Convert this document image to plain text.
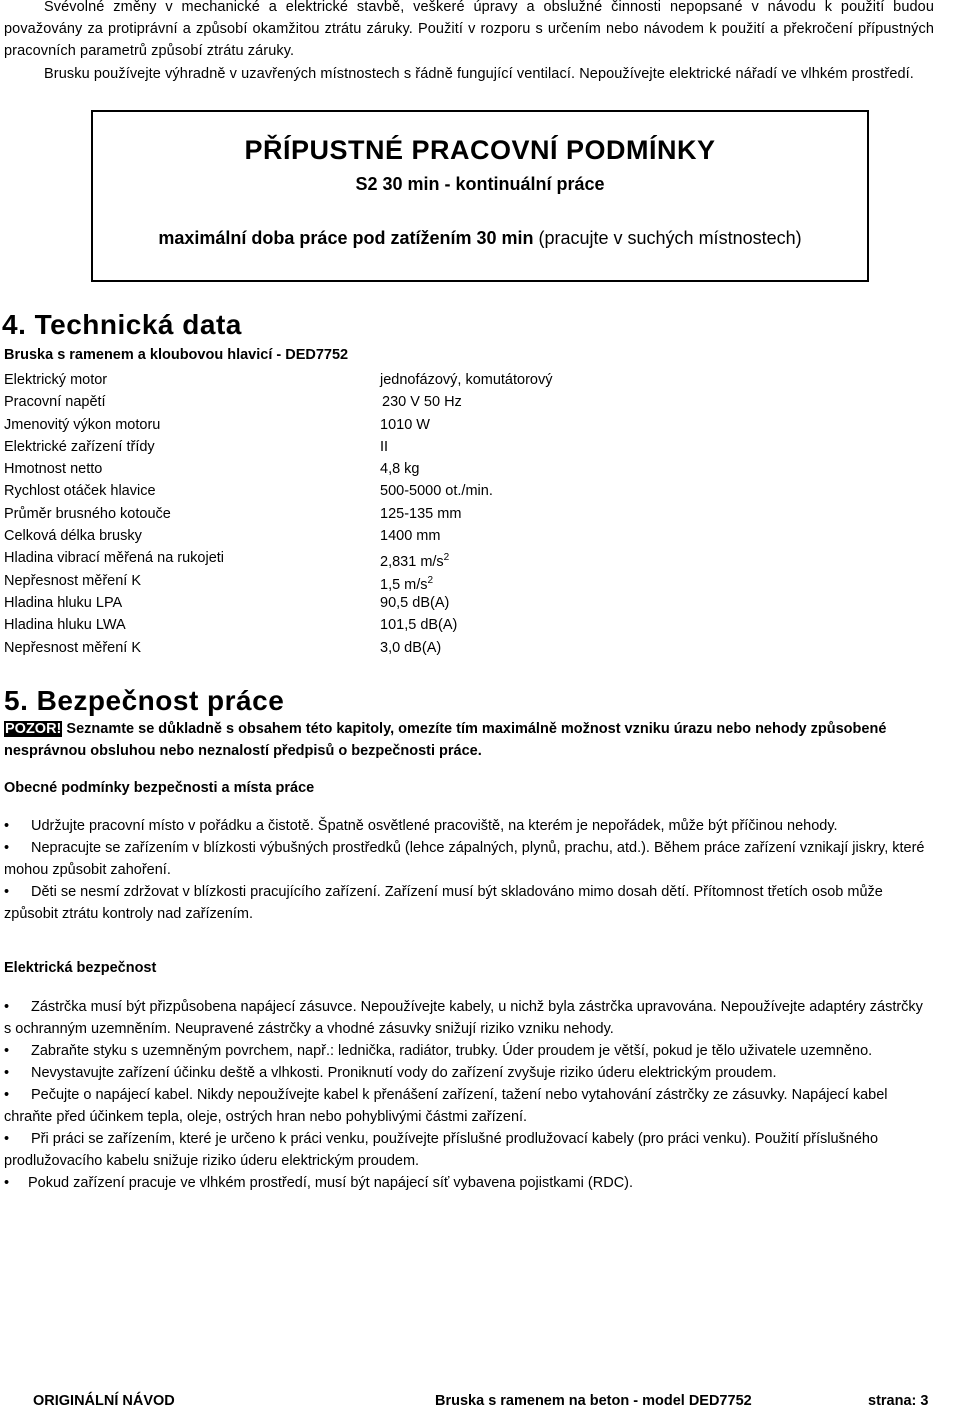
Svévolné změny v mechanické a elektrické stavbě, veškeré úpravy a obslužné činnosti nepopsané v návodu k použití budou považovány za protiprávní a způsobí okamžitou ztrátu záruky. Použití v rozporu s určením nebo návodem k použití a překročení přípustných pracovních parametrů způsobí ztrátu záruky.

Brusku používejte výhradně v uzavřených místnostech s řádně fungující ventilací. Nepoužívejte elektrické nářadí ve vlhkém prostředí.

PŘÍPUSTNÉ PRACOVNÍ PODMÍNKY
S2 30 min - kontinuální práce
maximální doba práce pod zatížením 30 min (pracujte v suchých místnostech)
4. Technická data
Bruska s ramenem a kloubovou hlavicí - DED7752
Elektrický motor	jednofázový, komutátorový
Pracovní napětí	230 V 50 Hz
Jmenovitý výkon motoru	1010 W
Elektrické zařízení třídy	II
Hmotnost netto	4,8 kg
Rychlost otáček hlavice	500-5000 ot./min.
Průměr brusného kotouče	125-135 mm
Celková délka brusky	1400 mm
Hladina vibrací měřená na rukojeti	2,831 $m/s^2$
Nepřesnost měření K	1,5 $m/s^2$
Hladina hluku LPA	90,5 dB(A)
Hladina hluku LWA	101,5 dB(A)
Nepřesnost měření K	3,0 dB(A)
5. Bezpečnost práce

POZOR! Seznamte se důkladně s obsahem této kapitoly, omezíte tím maximálně možnost vzniku úrazu nebo nehody způsobené nesprávnou obsluhou nebo neznalostí předpisů o bezpečnosti práce.

Obecné podmínky bezpečnosti a místa práce

• Udržujte pracovní místo v pořádku a čistotě. Špatně osvětlené pracoviště, na kterém je nepořádek, může být příčinou nehody.

• Nepracujte se zařízením v blízkosti výbušných prostředků (lehce zápalných, plynů, prachu, atd.). Během práce zařízení vznikají jiskry, které mohou způsobit zahoření.

• Děti se nesmí zdržovat v blízkosti pracujícího zařízení. Zařízení musí být skladováno mimo dosah dětí. Přítomnost třetích osob může způsobit ztrátu kontroly nad zařízením.

Elektrická bezpečnost

• Zástrčka musí být přizpůsobena napájecí zásuvce. Nepoužívejte kabely, u nichž byla zástrčka upravována. Nepoužívejte adaptéry zástrčky s ochranným uzemněním. Neupravené zástrčky a vhodné zásuvky snižují riziko vzniku nehody.

• Zabraňte styku s uzemněným povrchem, např.: lednička, radiátor, trubky. Úder proudem je větší, pokud je tělo uživatele uzemněno.

• Nevystavujte zařízení účinku deště a vlhkosti. Proniknutí vody do zařízení zvyšuje riziko úderu elektrickým proudem.

• Pečujte o napájecí kabel. Nikdy nepoužívejte kabel k přenášení zařízení, tažení nebo vytahování zástrčky ze zásuvky. Napájecí kabel chraňte před účinkem tepla, oleje, ostrých hran nebo pohyblivými částmi zařízení.

• Při práci se zařízením, které je určeno k práci venku, používejte příslušné prodlužovací kabely (pro práci venku). Použití příslušného prodlužovacího kabelu snižuje riziko úderu elektrickým proudem.

• Pokud zařízení pracuje ve vlhkém prostředí, musí být napájecí síť vybavena pojistkami (RDC).

ORIGINÁLNÍ NÁVOD	Bruska s ramenem na beton - model DED7752	strana: 3
